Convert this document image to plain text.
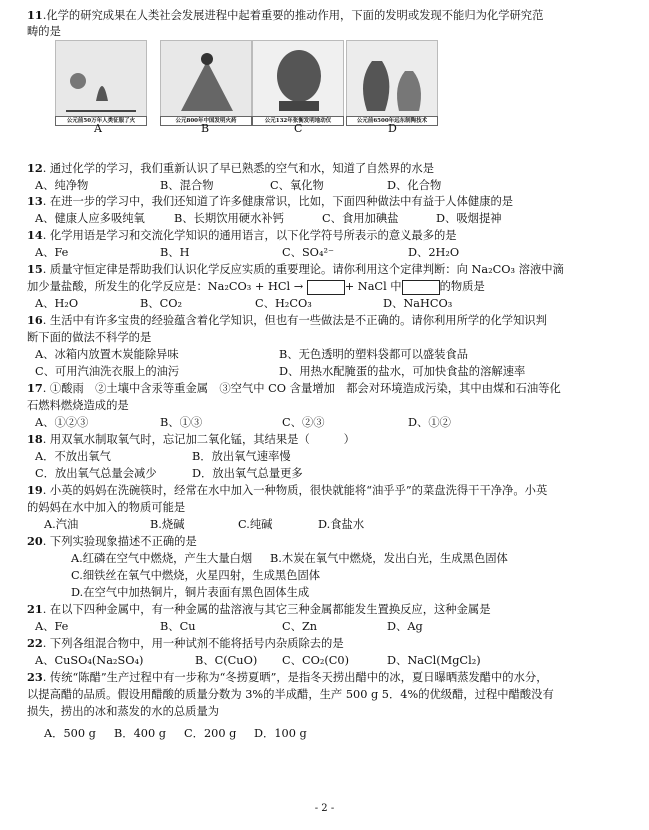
11.化学的研究成果在人类社会发展进程中起着重要的推动作用，下面的发明或发现不能归为化学研究范
畴的是
公元前50万年人类征服了火	公元800年中国发明火药	公元132年张衡发明地动仪	公元前6500年远东制陶技术
A	B	C	D
12. 通过化学的学习，我们重新认识了早已熟悉的空气和水，知道了自然界的水是
A、纯净物	B、混合物	C、氧化物	D、化合物
13. 在进一步的学习中，我们还知道了许多健康常识，比如，下面四种做法中有益于人体健康的是
A、健康人应多吸纯氧	B、长期饮用硬水补钙	C、食用加碘盐	D、吸烟提神
14. 化学用语是学习和交流化学知识的通用语言，以下化学符号所表示的意义最多的是
A、Fe	B、H	C、SO₄²⁻	D、2H₂O
15. 质量守恒定律是帮助我们认识化学反应实质的重要理论。请你利用这个定律判断：向 Na₂CO₃ 溶液中滴
加少量盐酸，所发生的化学反应是：Na₂CO₃ + HCl →	+ NaCl 中	的物质是
A、H₂O	B、CO₂	C、H₂CO₃	D、NaHCO₃
16. 生活中有许多宝贵的经验蕴含着化学知识，但也有一些做法是不正确的。请你利用所学的化学知识判
断下面的做法不科学的是
A、冰箱内放置木炭能除异味	B、无色透明的塑料袋都可以盛装食品
C、可用汽油洗衣服上的油污	D、用热水配腌蛋的盐水，可加快食盐的溶解速率
17. ①酸雨　②土壤中含汞等重金属　③空气中 CO 含量增加　都会对环境造成污染，其中由煤和石油等化
石燃料燃烧造成的是
A、①②③	B、①③	C、②③	D、①②
18. 用双氧水制取氧气时，忘记加二氧化锰，其结果是（　　　）
A．不放出氧气	B．放出氧气速率慢
C．放出氧气总量会减少	D．放出氧气总量更多
19. 小英的妈妈在洗碗筷时，经常在水中加入一种物质，很快就能将“油乎乎”的菜盘洗得干干净净。小英
的妈妈在水中加入的物质可能是
A.汽油	B.烧碱	C.纯碱	D.食盐水
20. 下列实验现象描述不正确的是
A.红磷在空气中燃烧，产生大量白烟 B.木炭在氧气中燃烧，发出白光，生成黑色固体
C.细铁丝在氧气中燃烧，火星四射，生成黑色固体
D.在空气中加热铜片，铜片表面有黑色固体生成
21. 在以下四种金属中，有一种金属的盐溶液与其它三种金属都能发生置换反应，这种金属是
A、Fe	B、Cu	C、Zn	D、Ag
22. 下列各组混合物中，用一种试剂不能将括号内杂质除去的是
A、CuSO₄(Na₂SO₄)	B、C(CuO) C、CO₂(C0)	D、NaCl(MgCl₂)
23. 传统“陈醋”生产过程中有一步称为“冬捞夏晒”，是指冬天捞出醋中的冰，夏日曝晒蒸发醋中的水分，
以提高醋的品质。假设用醋酸的质量分数为 3%的半成醋，生产 500 g 5．4%的优级醋，过程中醋酸没有
损失，捞出的冰和蒸发的水的总质量为
A．500 g B．400 g C．200 g D．100 g
- 2 -
